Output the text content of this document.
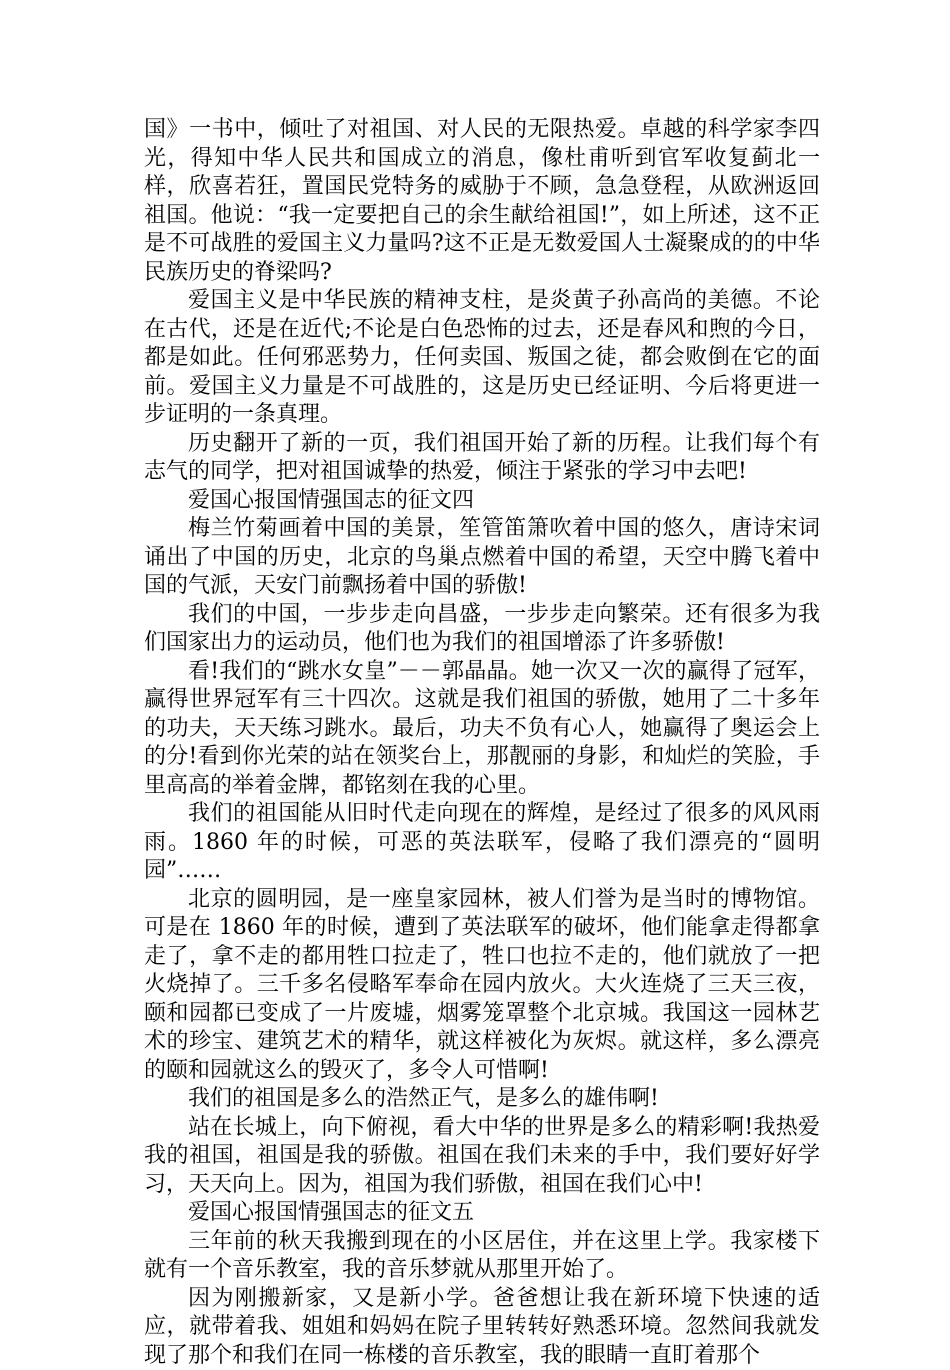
国》一书中，倾吐了对祖国、对人民的无限热爱。卓越的科学家李四光，得知中华人民共和国成立的消息，像杜甫听到官军收复蓟北一样，欣喜若狂，置国民党特务的威胁于不顾，急急登程，从欧洲返回祖国。他说：“我一定要把自己的余生献给祖国!”，如上所述，这不正是不可战胜的爱国主义力量吗?这不正是无数爱国人士凝聚成的的中华民族历史的脊梁吗?

爱国主义是中华民族的精神支柱，是炎黄子孙高尚的美德。不论在古代，还是在近代;不论是白色恐怖的过去，还是春风和煦的今日，都是如此。任何邪恶势力，任何卖国、叛国之徒，都会败倒在它的面前。爱国主义力量是不可战胜的，这是历史已经证明、今后将更进一步证明的一条真理。

历史翻开了新的一页，我们祖国开始了新的历程。让我们每个有志气的同学，把对祖国诚挚的热爱，倾注于紧张的学习中去吧!

爱国心报国情强国志的征文四

梅兰竹菊画着中国的美景，笙管笛箫吹着中国的悠久，唐诗宋词诵出了中国的历史，北京的鸟巢点燃着中国的希望，天空中腾飞着中国的气派，天安门前飘扬着中国的骄傲!

我们的中国，一步步走向昌盛，一步步走向繁荣。还有很多为我们国家出力的运动员，他们也为我们的祖国增添了许多骄傲!

看!我们的“跳水女皇”－－郭晶晶。她一次又一次的赢得了冠军，赢得世界冠军有三十四次。这就是我们祖国的骄傲，她用了二十多年的功夫，天天练习跳水。最后，功夫不负有心人，她赢得了奥运会上的分!看到你光荣的站在领奖台上，那靓丽的身影，和灿烂的笑脸，手里高高的举着金牌，都铭刻在我的心里。

我们的祖国能从旧时代走向现在的辉煌，是经过了很多的风风雨雨。1860 年的时候，可恶的英法联军，侵略了我们漂亮的“圆明园”……

北京的圆明园，是一座皇家园林，被人们誉为是当时的博物馆。可是在 1860 年的时候，遭到了英法联军的破坏，他们能拿走得都拿走了，拿不走的都用牲口拉走了，牲口也拉不走的，他们就放了一把火烧掉了。三千多名侵略军奉命在园内放火。大火连烧了三天三夜，颐和园都已变成了一片废墟，烟雾笼罩整个北京城。我国这一园林艺术的珍宝、建筑艺术的精华，就这样被化为灰烬。就这样，多么漂亮的颐和园就这么的毁灭了，多令人可惜啊!

我们的祖国是多么的浩然正气，是多么的雄伟啊!

站在长城上，向下俯视，看大中华的世界是多么的精彩啊!我热爱我的祖国，祖国是我的骄傲。祖国在我们未来的手中，我们要好好学习，天天向上。因为，祖国为我们骄傲，祖国在我们心中!

爱国心报国情强国志的征文五

三年前的秋天我搬到现在的小区居住，并在这里上学。我家楼下就有一个音乐教室，我的音乐梦就从那里开始了。

因为刚搬新家，又是新小学。爸爸想让我在新环境下快速的适应，就带着我、姐姐和妈妈在院子里转转好熟悉环境。忽然间我就发现了那个和我们在同一栋楼的音乐教室，我的眼睛一直盯着那个
